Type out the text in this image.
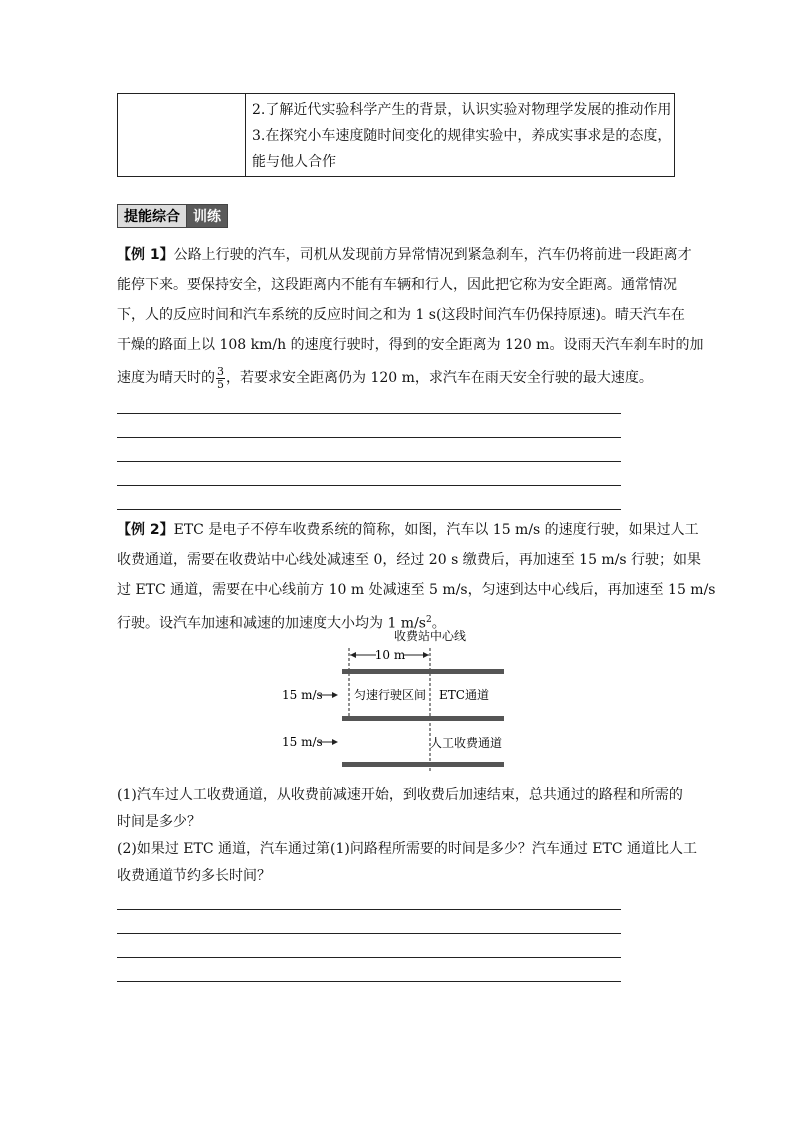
2.了解近代实验科学产生的背景，认识实验对物理学发展的推动作用
3.在探究小车速度随时间变化的规律实验中，养成实事求是的态度，
能与他人合作
提能综合 训练
【例 1】公路上行驶的汽车，司机从发现前方异常情况到紧急刹车，汽车仍将前进一段距离才
能停下来。要保持安全，这段距离内不能有车辆和行人，因此把它称为安全距离。通常情况
下，人的反应时间和汽车系统的反应时间之和为 1 s(这段时间汽车仍保持原速)。晴天汽车在
干燥的路面上以 108 km/h 的速度行驶时，得到的安全距离为 120 m。设雨天汽车刹车时的加
速度为晴天时的 $\frac{3}{5}$ ，若要求安全距离仍为 120 m，求汽车在雨天安全行驶的最大速度。
【例 2】ETC 是电子不停车收费系统的简称，如图，汽车以 15 m/s 的速度行驶，如果过人工
收费通道，需要在收费站中心线处减速至 0，经过 20 s 缴费后，再加速至 15 m/s 行驶；如果
过 ETC 通道，需要在中心线前方 10 m 处减速至 5 m/s，匀速到达中心线后，再加速至 15 m/s
行驶。设汽车加速和减速的加速度大小均为 1 $m/s^2$。
收费站中心线
10 m
15 m/s	匀速行驶区间 ETC通道
15 m/s	人工收费通道
(1)汽车过人工收费通道，从收费前减速开始，到收费后加速结束，总共通过的路程和所需的
时间是多少？
(2)如果过 ETC 通道，汽车通过第(1)问路程所需要的时间是多少？汽车通过 ETC 通道比人工
收费通道节约多长时间？
